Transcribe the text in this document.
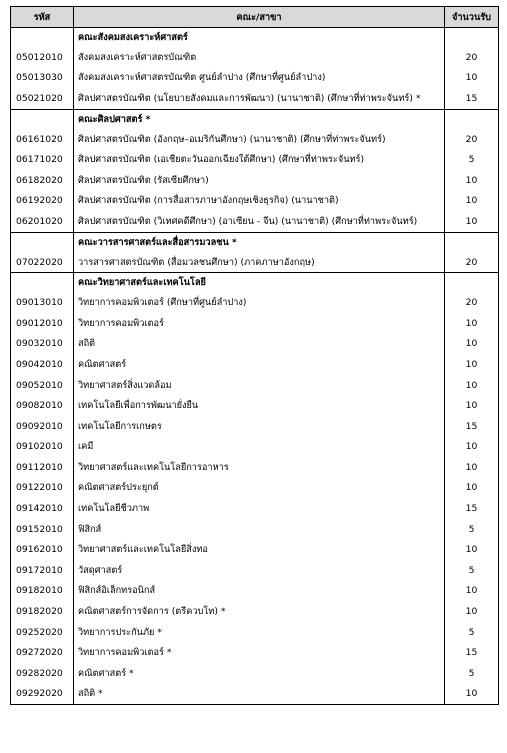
รหัส	คณะ/สาขา	จำนวนรับ
	คณะสังคมสงเคราะห์ศาสตร์	
05012010	สังคมสงเคราะห์ศาสตรบัณฑิต	20
05013030	สังคมสงเคราะห์ศาสตรบัณฑิต ศูนย์ลำปาง (ศึกษาที่ศูนย์ลำปาง)	10
05021020	ศิลปศาสตรบัณฑิต (นโยบายสังคมและการพัฒนา) (นานาชาติ) (ศึกษาที่ท่าพระจันทร์) *	15
	คณะศิลปศาสตร์ *	
06161020	ศิลปศาสตรบัณฑิต (อังกฤษ–อเมริกันศึกษา) (นานาชาติ) (ศึกษาที่ท่าพระจันทร์)	20
06171020	ศิลปศาสตรบัณฑิต (เอเชียตะวันออกเฉียงใต้ศึกษา) (ศึกษาที่ท่าพระจันทร์)	5
06182020	ศิลปศาสตรบัณฑิต (รัสเซียศึกษา)	10
06192020	ศิลปศาสตรบัณฑิต (การสื่อสารภาษาอังกฤษเชิงธุรกิจ) (นานาชาติ)	10
06201020	ศิลปศาสตรบัณฑิต (วิเทศคดีศึกษา) (อาเซียน - จีน) (นานาชาติ) (ศึกษาที่ท่าพระจันทร์)	10
	คณะวารสารศาสตร์และสื่อสารมวลชน *	
07022020	วารสารศาสตรบัณฑิต (สื่อมวลชนศึกษา) (ภาคภาษาอังกฤษ)	20
	คณะวิทยาศาสตร์และเทคโนโลยี	
09013010	วิทยาการคอมพิวเตอร์ (ศึกษาที่ศูนย์ลำปาง)	20
09012010	วิทยาการคอมพิวเตอร์	10
09032010	สถิติ	10
09042010	คณิตศาสตร์	10
09052010	วิทยาศาสตร์สิ่งแวดล้อม	10
09082010	เทคโนโลยีเพื่อการพัฒนายั่งยืน	10
09092010	เทคโนโลยีการเกษตร	15
09102010	เคมี	10
09112010	วิทยาศาสตร์และเทคโนโลยีการอาหาร	10
09122010	คณิตศาสตร์ประยุกต์	10
09142010	เทคโนโลยีชีวภาพ	15
09152010	ฟิสิกส์	5
09162010	วิทยาศาสตร์และเทคโนโลยีสิ่งทอ	10
09172010	วัสดุศาสตร์	5
09182010	ฟิสิกส์อิเล็กทรอนิกส์	10
09182020	คณิตศาสตร์การจัดการ (ตรีควบโท) *	10
09252020	วิทยาการประกันภัย *	5
09272020	วิทยาการคอมพิวเตอร์ *	15
09282020	คณิตศาสตร์ *	5
09292020	สถิติ *	10
